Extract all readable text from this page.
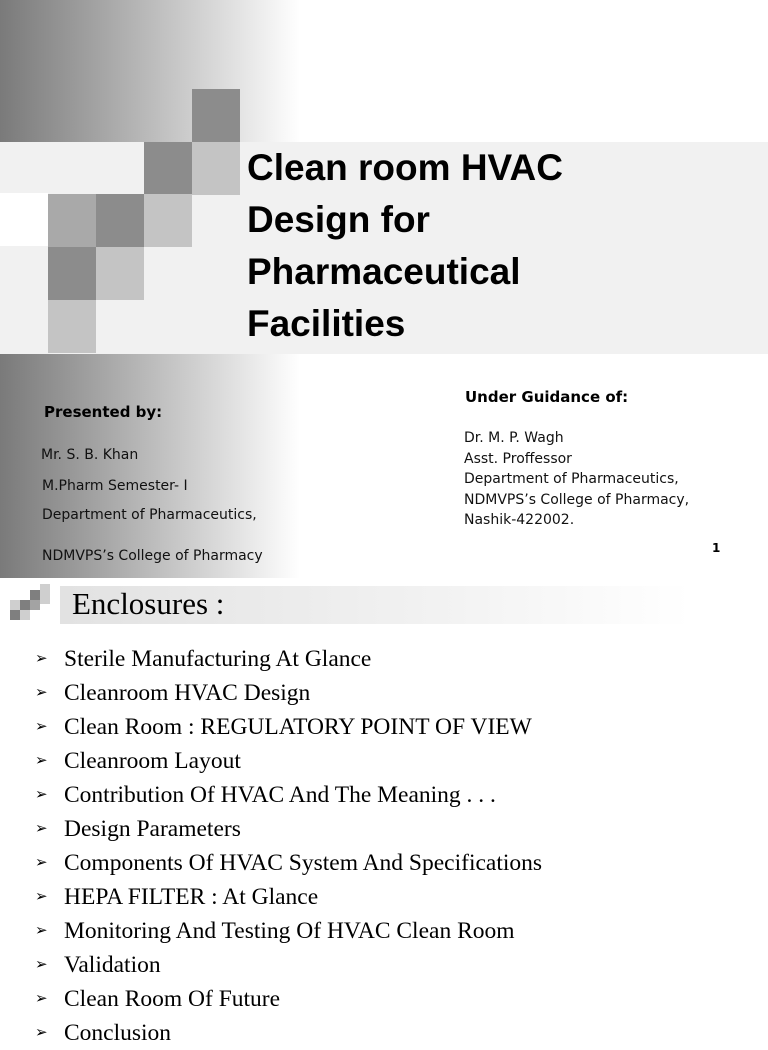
Clean room HVAC
Design for
Pharmaceutical
Facilities

Presented by:

Mr. S. B. Khan

M.Pharm Semester- I

Department of Pharmaceutics,

NDMVPS’s College of Pharmacy

Under Guidance of:

Dr. M. P. Wagh
Asst. Proffessor
Department of Pharmaceutics,
NDMVPS’s College of Pharmacy,
Nashik-422002.
1
Enclosures :
➢ Sterile Manufacturing At Glance
➢ Cleanroom HVAC Design
➢ Clean Room : REGULATORY POINT OF VIEW
➢ Cleanroom Layout
➢ Contribution Of HVAC And The Meaning . . .
➢ Design Parameters
➢ Components Of HVAC System And Specifications
➢ HEPA FILTER : At Glance
➢ Monitoring And Testing Of HVAC Clean Room
➢ Validation
➢ Clean Room Of Future
➢ Conclusion
